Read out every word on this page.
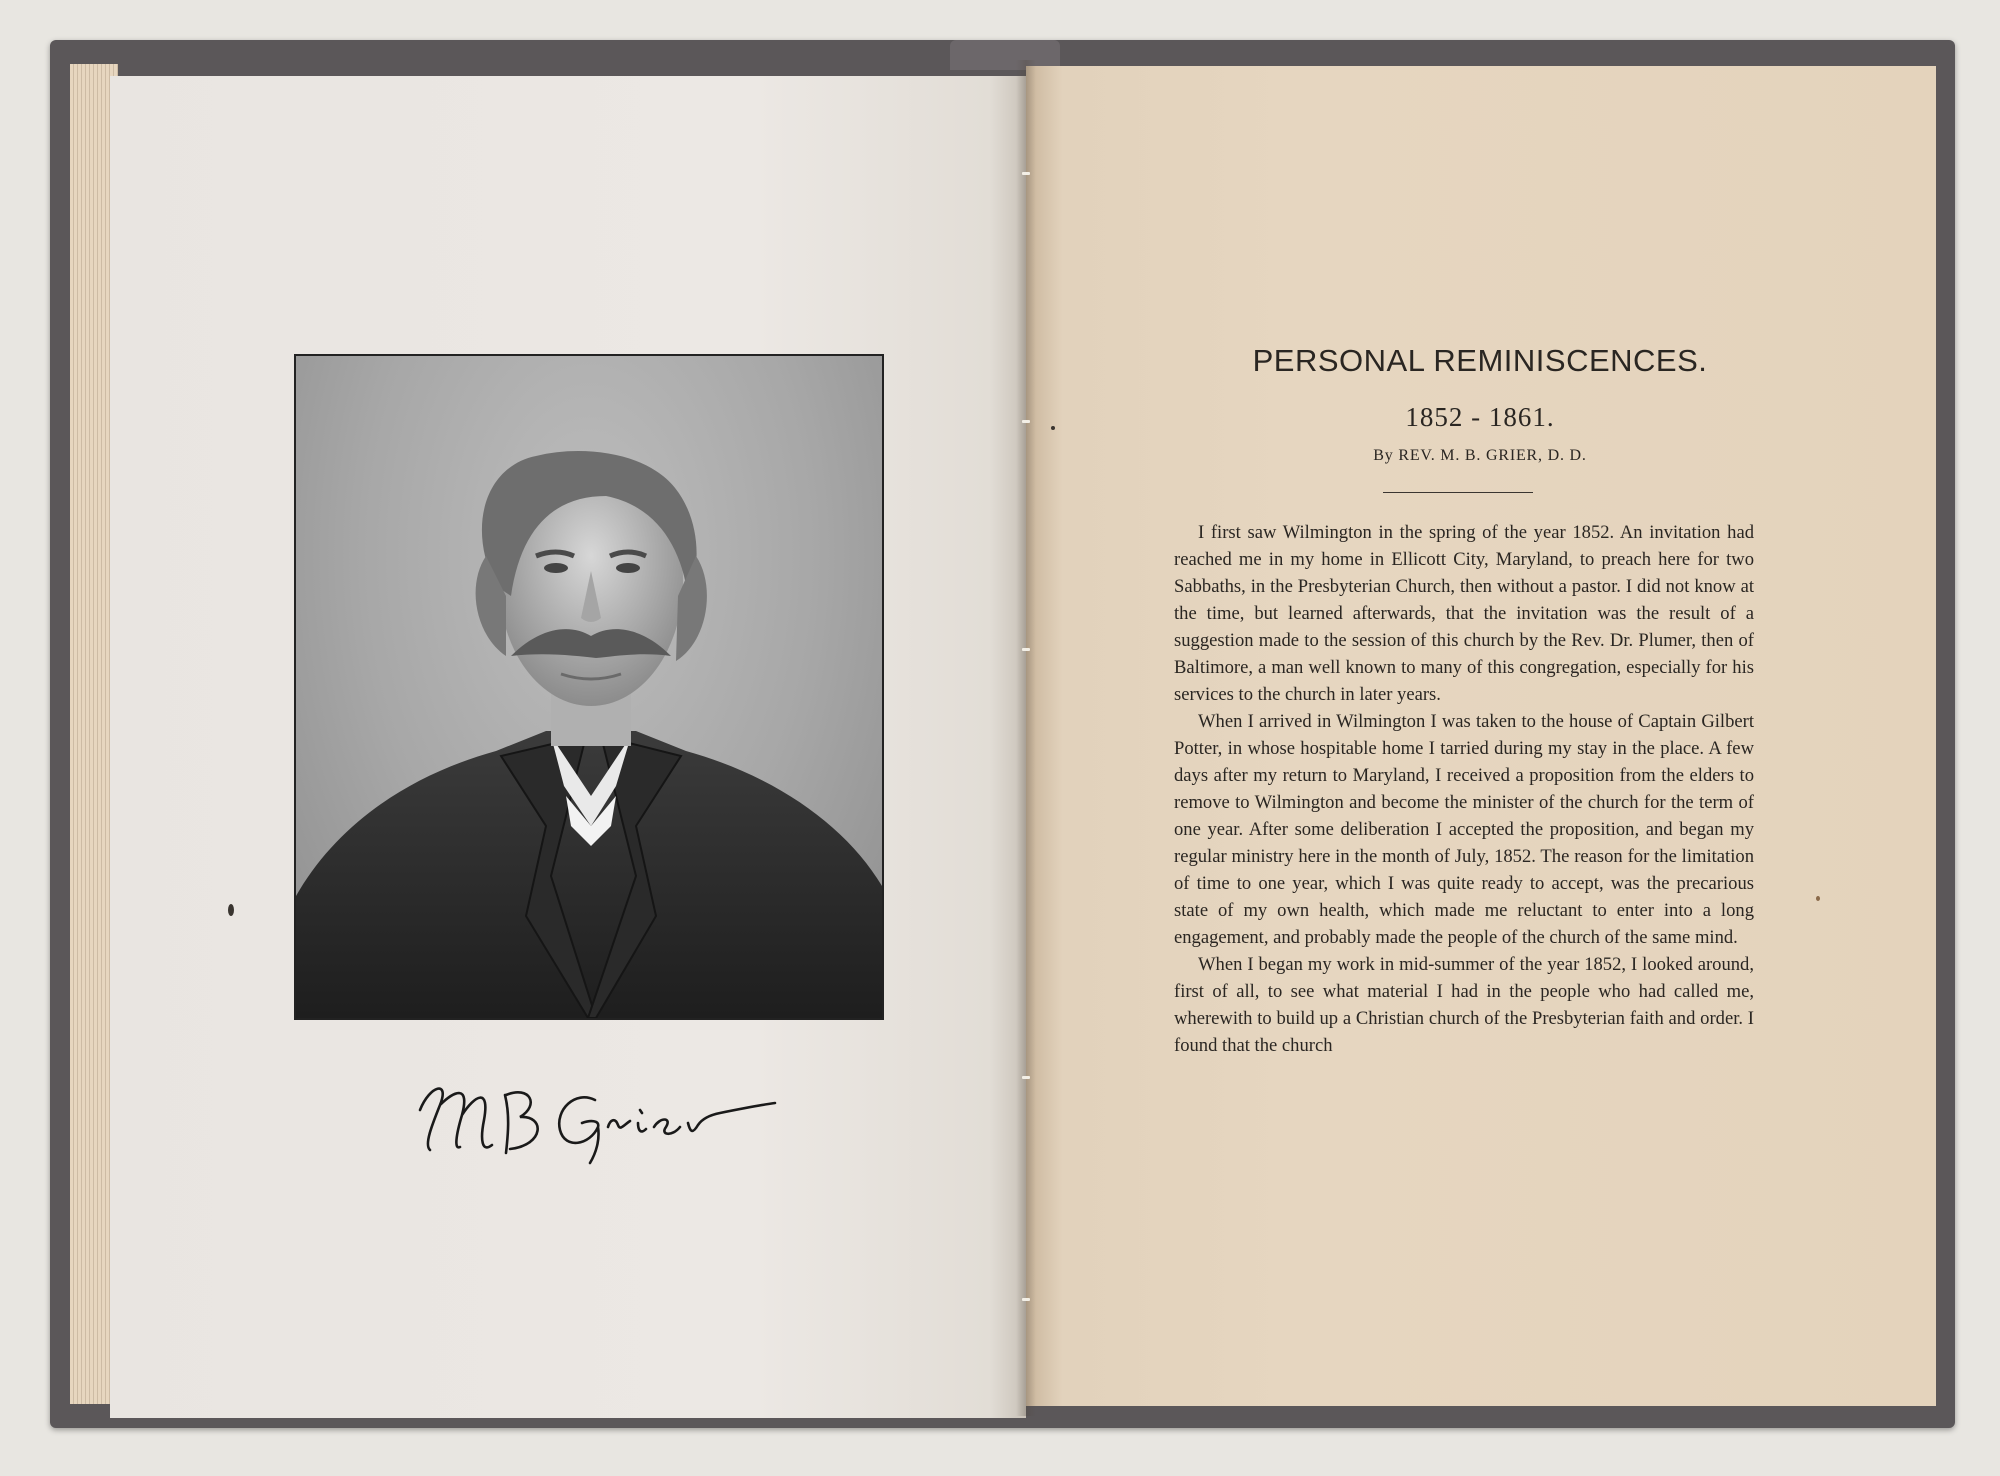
PERSONAL REMINISCENCES.
1852 - 1861.
By REV. M. B. GRIER, D. D.

I first saw Wilmington in the spring of the year 1852. An invitation had reached me in my home in Ellicott City, Maryland, to preach here for two Sabbaths, in the Presbyterian Church, then without a pastor. I did not know at the time, but learned afterwards, that the invitation was the result of a suggestion made to the session of this church by the Rev. Dr. Plumer, then of Baltimore, a man well known to many of this congregation, especially for his services to the church in later years.

When I arrived in Wilmington I was taken to the house of Captain Gilbert Potter, in whose hospitable home I tarried during my stay in the place. A few days after my return to Maryland, I received a proposition from the elders to remove to Wilmington and become the minister of the church for the term of one year. After some deliberation I accepted the proposition, and began my regular ministry here in the month of July, 1852. The reason for the limitation of time to one year, which I was quite ready to accept, was the precarious state of my own health, which made me reluctant to enter into a long engagement, and probably made the people of the church of the same mind.

When I began my work in mid-summer of the year 1852, I looked around, first of all, to see what material I had in the people who had called me, wherewith to build up a Christian church of the Presbyterian faith and order. I found that the church
